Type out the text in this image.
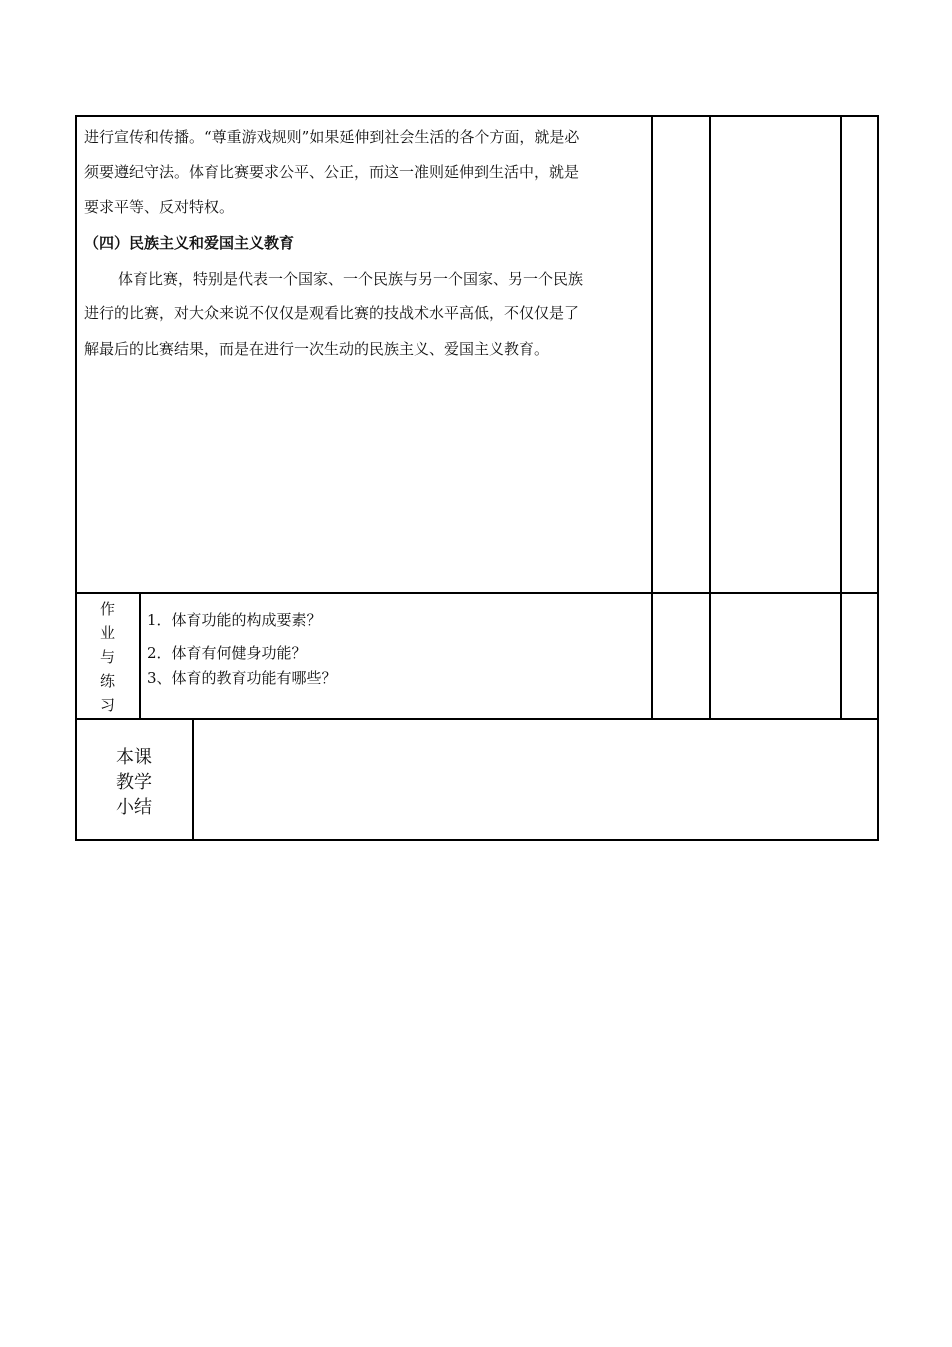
进行宣传和传播。“尊重游戏规则”如果延伸到社会生活的各个方面，就是必

须要遵纪守法。体育比赛要求公平、公正，而这一准则延伸到生活中，就是

要求平等、反对特权。

（四）民族主义和爱国主义教育

体育比赛，特别是代表一个国家、一个民族与另一个国家、另一个民族

进行的比赛，对大众来说不仅仅是观看比赛的技战术水平高低，不仅仅是了

解最后的比赛结果，而是在进行一次生动的民族主义、爱国主义教育。

作
业
与
练
习

1．体育功能的构成要素？

2．体育有何健身功能？

3、体育的教育功能有哪些？

本课
教学
小结
